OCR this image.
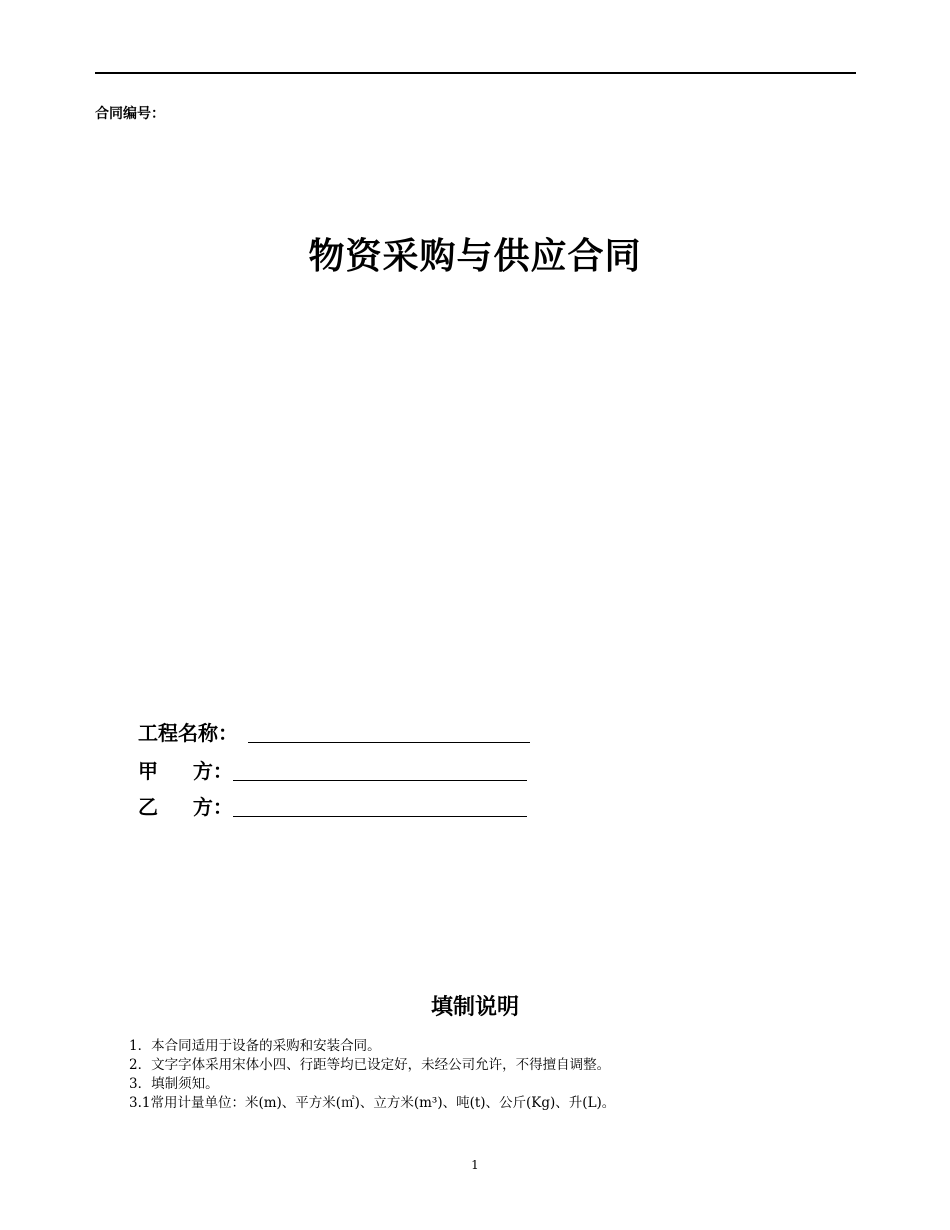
合同编号：
物资采购与供应合同
工程名称：
甲     方：
乙     方：
填制说明
1．本合同适用于设备的采购和安装合同。
2．文字字体采用宋体小四、行距等均已设定好，未经公司允许，不得擅自调整。
3．填制须知。
3.1常用计量单位：米(m)、平方米(㎡)、立方米(m³)、吨(t)、公斤(Kg)、升(L)。
1
